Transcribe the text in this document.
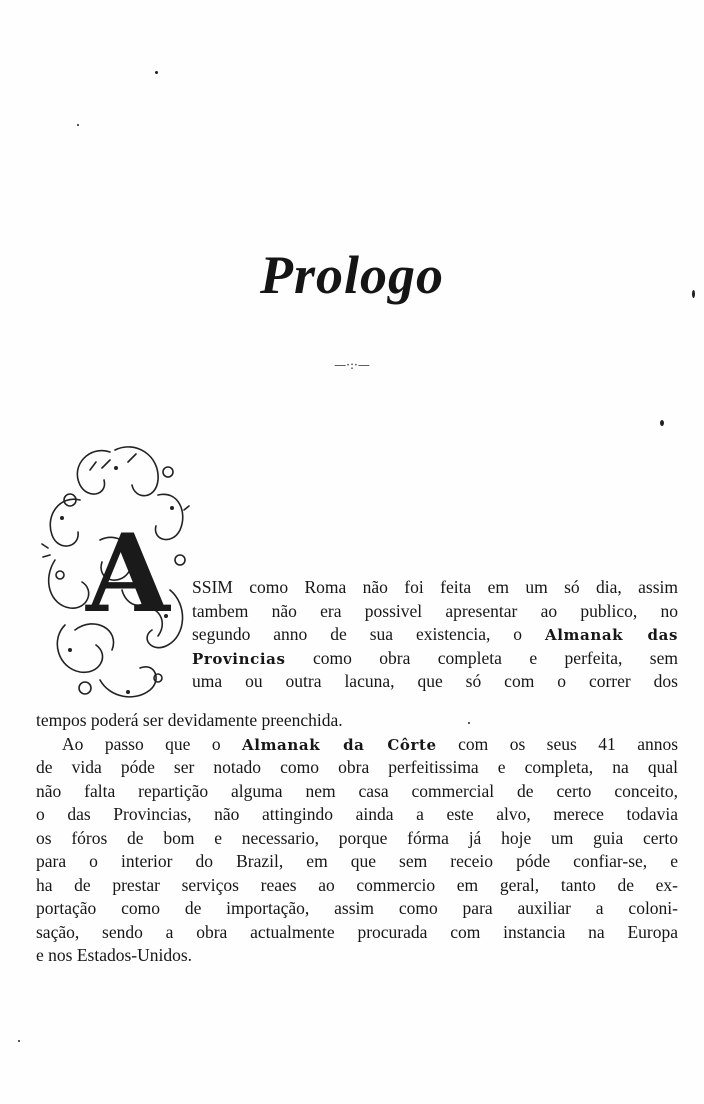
Prologo
—·:·—
A SSIM como Roma não foi feita em um só dia, assim
tambem não era possivel apresentar ao publico, no
segundo anno de sua existencia, o Almanak das
Provincias como obra completa e perfeita, sem
uma ou outra lacuna, que só com o correr dos
tempos poderá ser devidamente preenchida.
Ao passo que o Almanak da Côrte com os seus 41 annos
de vida póde ser notado como obra perfeitissima e completa, na qual
não falta repartição alguma nem casa commercial de certo conceito,
o das Provincias, não attingindo ainda a este alvo, merece todavia
os fóros de bom e necessario, porque fórma já hoje um guia certo
para o interior do Brazil, em que sem receio póde confiar-se, e
ha de prestar serviços reaes ao commercio em geral, tanto de ex-
portação como de importação, assim como para auxiliar a coloni-
sação, sendo a obra actualmente procurada com instancia na Europa
e nos Estados-Unidos.
